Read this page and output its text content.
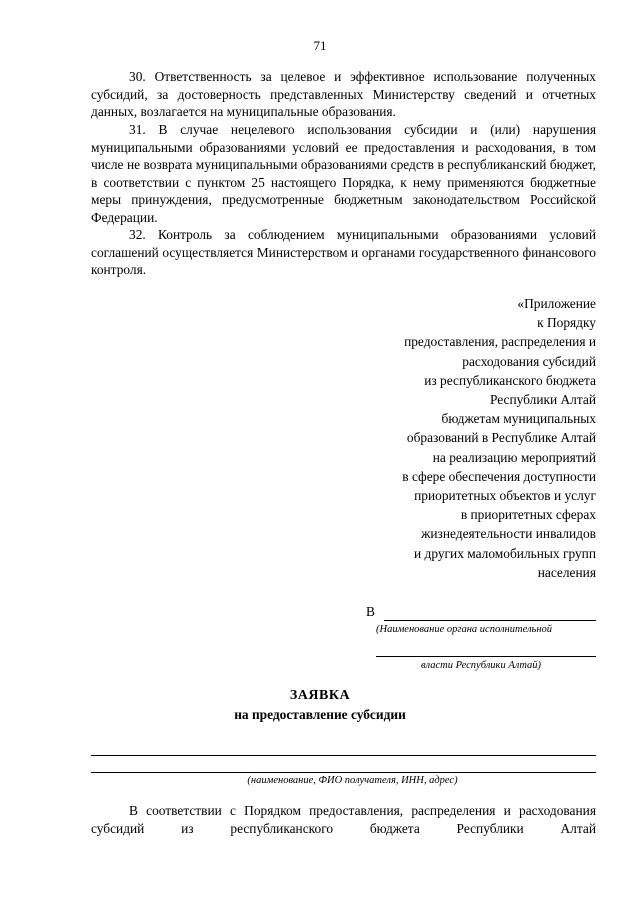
71

30. Ответственность за целевое и эффективное использование полученных субсидий, за достоверность представленных Министерству сведений и отчетных данных, возлагается на муниципальные образования.

31. В случае нецелевого использования субсидии и (или) нарушения муниципальными образованиями условий ее предоставления и расходования, в том числе не возврата муниципальными образованиями средств в республиканский бюджет, в соответствии с пунктом 25 настоящего Порядка, к нему применяются бюджетные меры принуждения, предусмотренные бюджетным законодательством Российской Федерации.

32. Контроль за соблюдением муниципальными образованиями условий соглашений осуществляется Министерством и органами государственного финансового контроля.

«Приложение
к Порядку
предоставления, распределения и
расходования субсидий
из республиканского бюджета
Республики Алтай
бюджетам муниципальных
образований в Республике Алтай
на реализацию мероприятий
в сфере обеспечения доступности
приоритетных объектов и услуг
в приоритетных сферах
жизнедеятельности инвалидов
и других маломобильных групп
населения
В
(Наименование органа исполнительной
власти Республики Алтай)
ЗАЯВКА
на предоставление субсидии
(наименование, ФИО получателя, ИНН, адрес)

В соответствии с Порядком предоставления, распределения и расходования субсидий из республиканского бюджета Республики Алтай
